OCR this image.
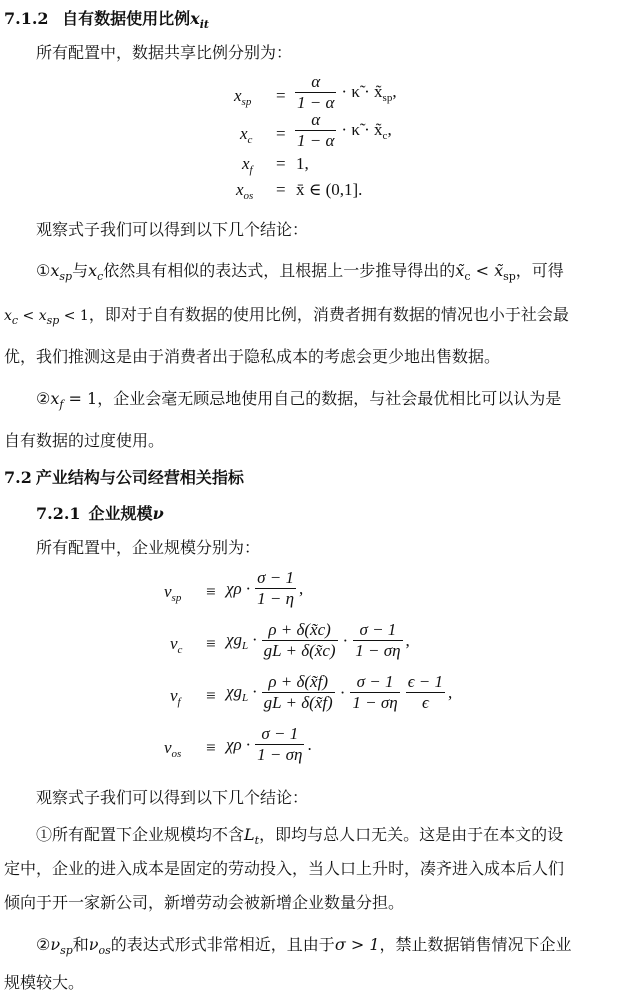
7.1.2 自有数据使用比例$x_{it}$
所有配置中，数据共享比例分别为：
$x_{sp} = \frac{\alpha}{1 - \alpha}$ · κ̃ · $x̃_{sp}$,
$x_c = \frac{\alpha}{1 - \alpha}$ · κ̃ · $x̃_c$,
$x_f = 1$,
$x_{os}$ = x̄ ∈ (0,1].
观察式子我们可以得到以下几个结论：
$①x_{sp}$与$x_c$依然具有相似的表达式，且根据上一步推导得出的$x̃_c$ < $x̃_{sp}$，可得
$x_c < x_{sp} < 1$，即对于自有数据的使用比例，消费者拥有数据的情况也小于社会最
优，我们推测这是由于消费者出于隐私成本的考虑会更少地出售数据。
$②x_f = 1$，企业会毫无顾忌地使用自己的数据，与社会最优相比可以认为是
自有数据的过度使用。
7.2 产业结构与公司经营相关指标
7.2.1 企业规模ν
所有配置中，企业规模分别为：
$\nu_{sp} \equiv \chi\rho \cdot \frac{\sigma - 1}{1 - \eta}$ ,
$\nu_c \equiv \chi g_L \cdot \frac{\rho + \delta(x̃c)}{gL + \delta(x̃c)} \cdot \frac{\sigma - 1}{1 - \sigma\eta}$ ,
$\nu_f \equiv \chi g_L \cdot \frac{\rho + \delta(x̃f)}{gL + \delta(x̃f)} \cdot \frac{\sigma - 1}{1 - \sigma\eta} \frac{\epsilon - 1}{\epsilon}$ ,
$\nu_{os} \equiv \chi\rho \cdot \frac{\sigma - 1}{1 - \sigma\eta}$ .
观察式子我们可以得到以下几个结论：
①所有配置下企业规模均不含$L_t$，即均与总人口无关。这是由于在本文的设
定中，企业的进入成本是固定的劳动投入，当人口上升时，凑齐进入成本后人们
倾向于开一家新公司，新增劳动会被新增企业数量分担。
$②\nu_{sp}$和$\nu_{os}$的表达式形式非常相近，且由于σ > 1，禁止数据销售情况下企业
规模较大。
